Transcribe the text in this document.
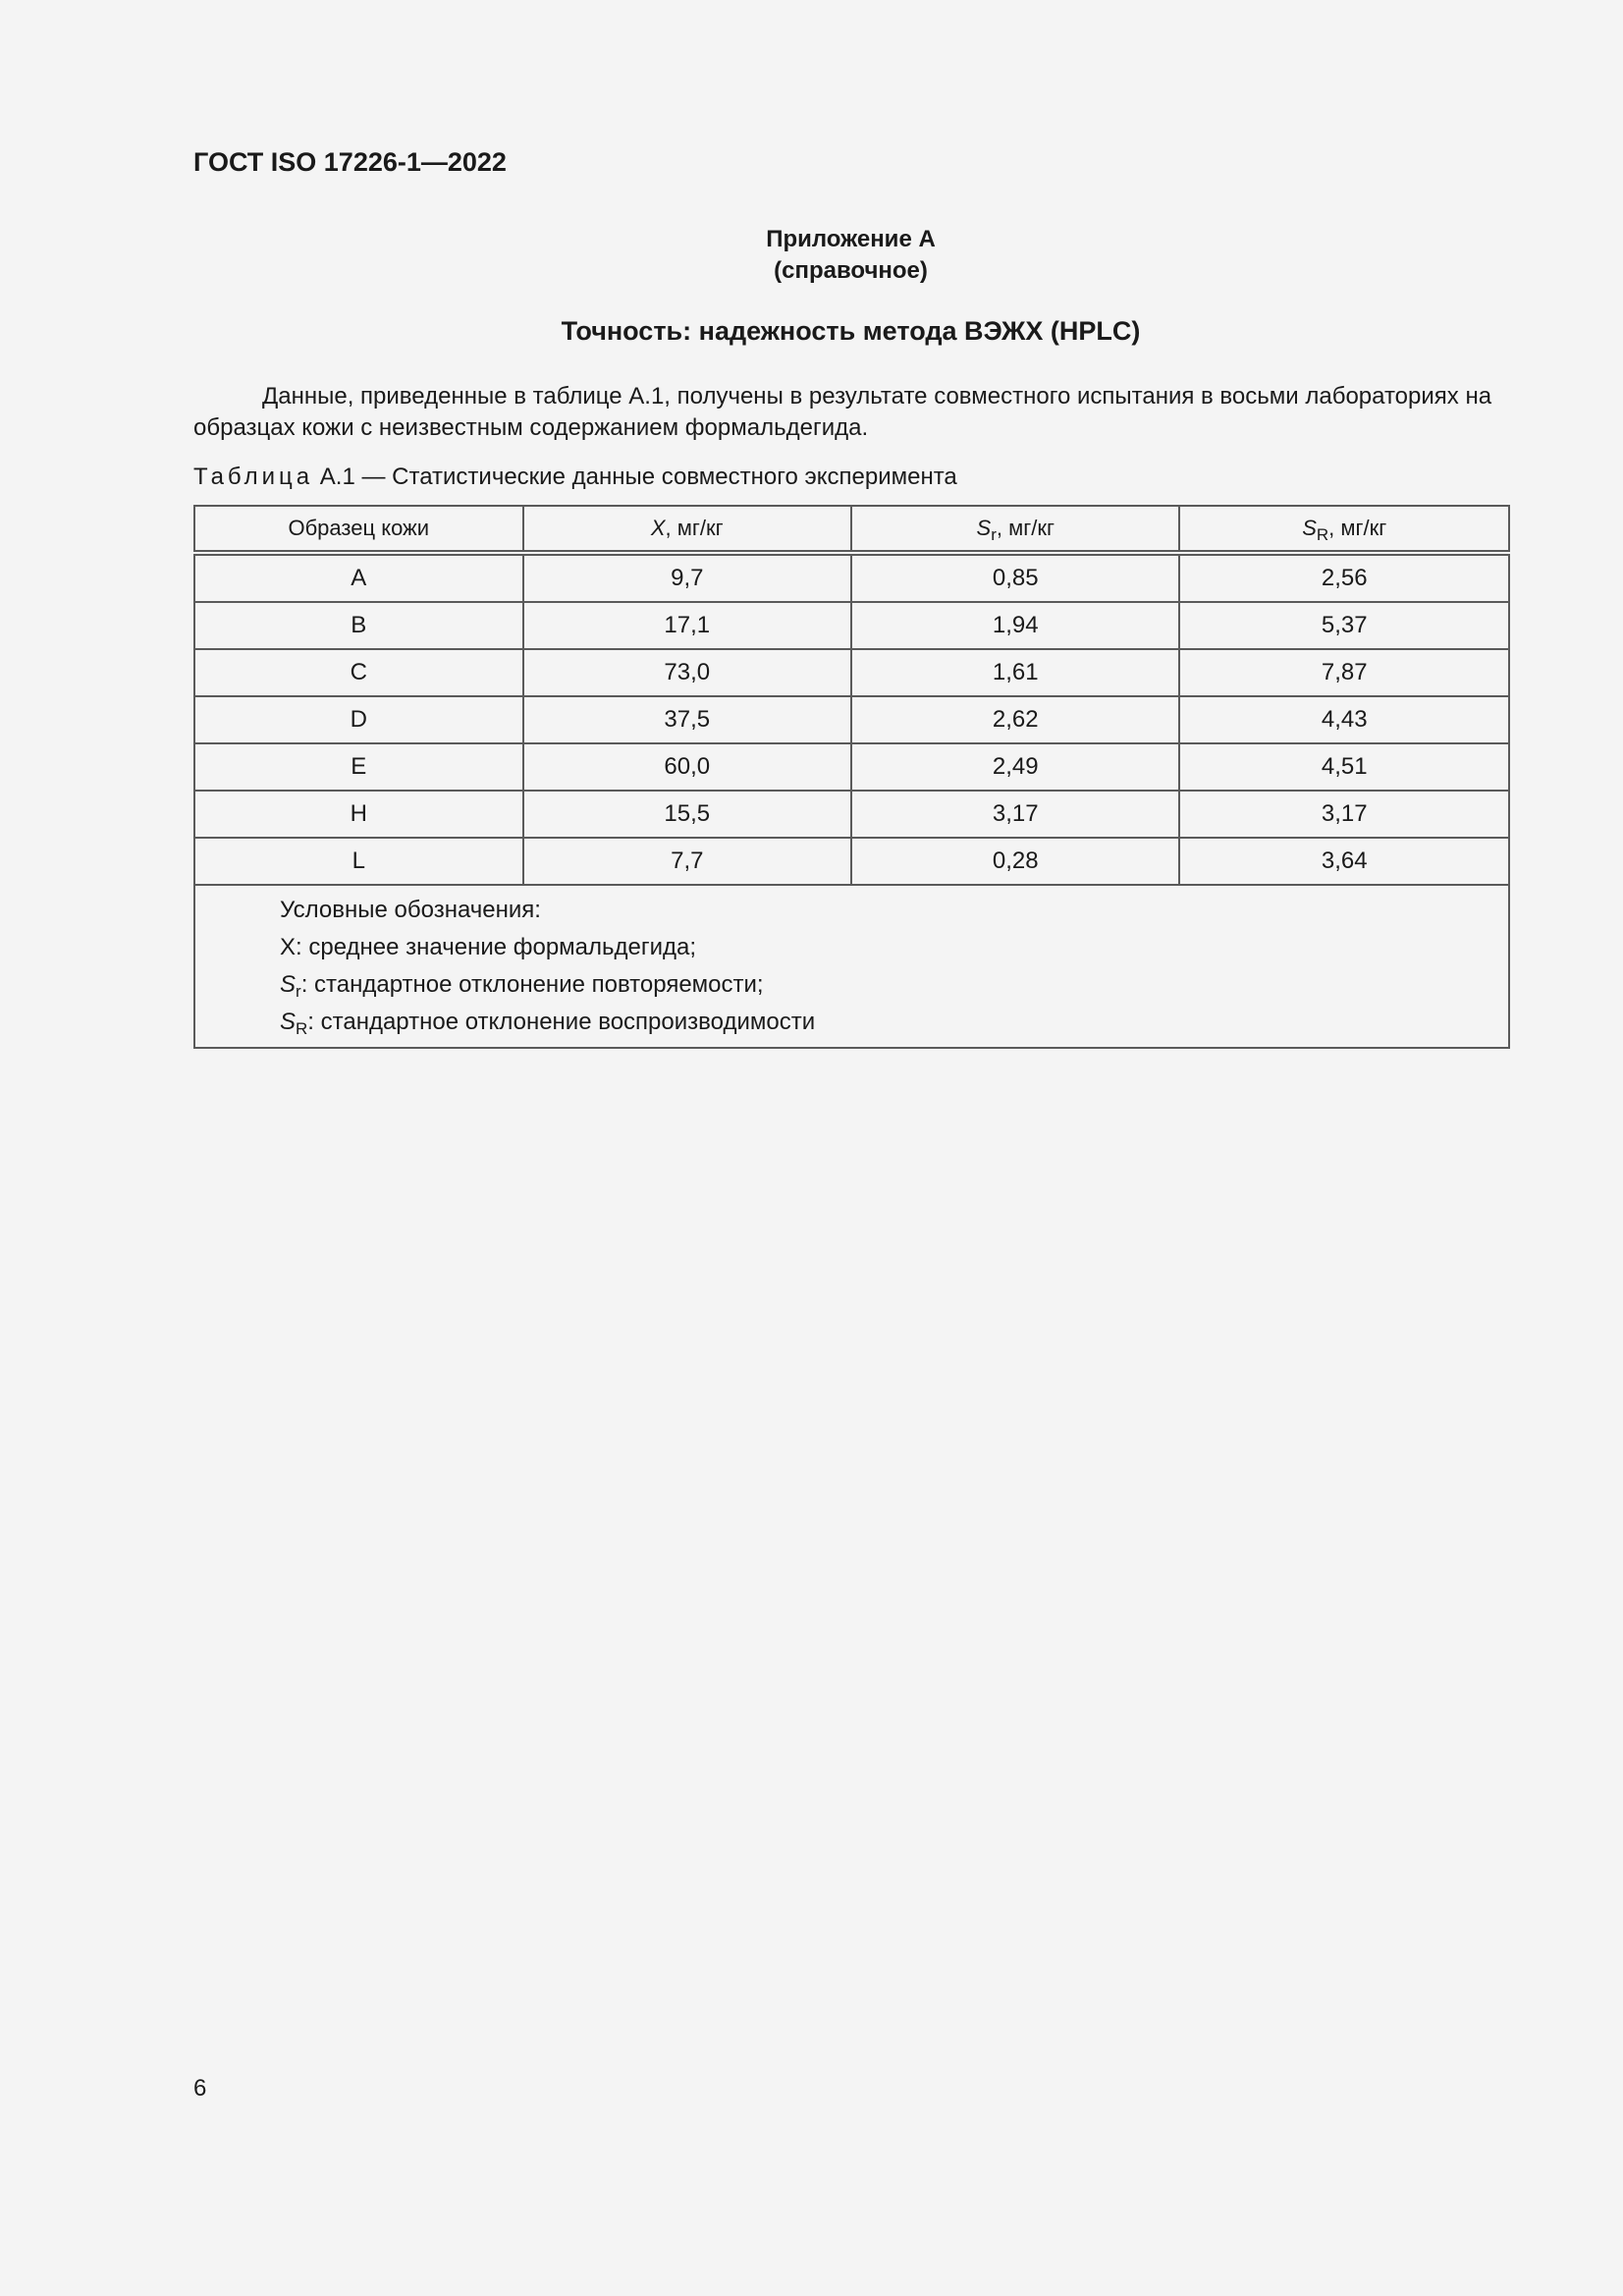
ГОСТ ISO 17226-1—2022
Приложение А
(справочное)
Точность: надежность метода ВЭЖХ (HPLC)

Данные, приведенные в таблице А.1, получены в результате совместного испытания в восьми лабораториях на образцах кожи с неизвестным содержанием формальдегида.

Таблица А.1 — Статистические данные совместного эксперимента
Образец кожи	X, мг/кг	$S_r$, мг/кг	$S_R$, мг/кг
A	9,7	0,85	2,56
B	17,1	1,94	5,37
C	73,0	1,61	7,87
D	37,5	2,62	4,43
E	60,0	2,49	4,51
H	15,5	3,17	3,17
L	7,7	0,28	3,64

Условные обозначения:
X: среднее значение формальдегида;
$S_r$: стандартное отклонение повторяемости;
$S_R$: стандартное отклонение воспроизводимости			
6
